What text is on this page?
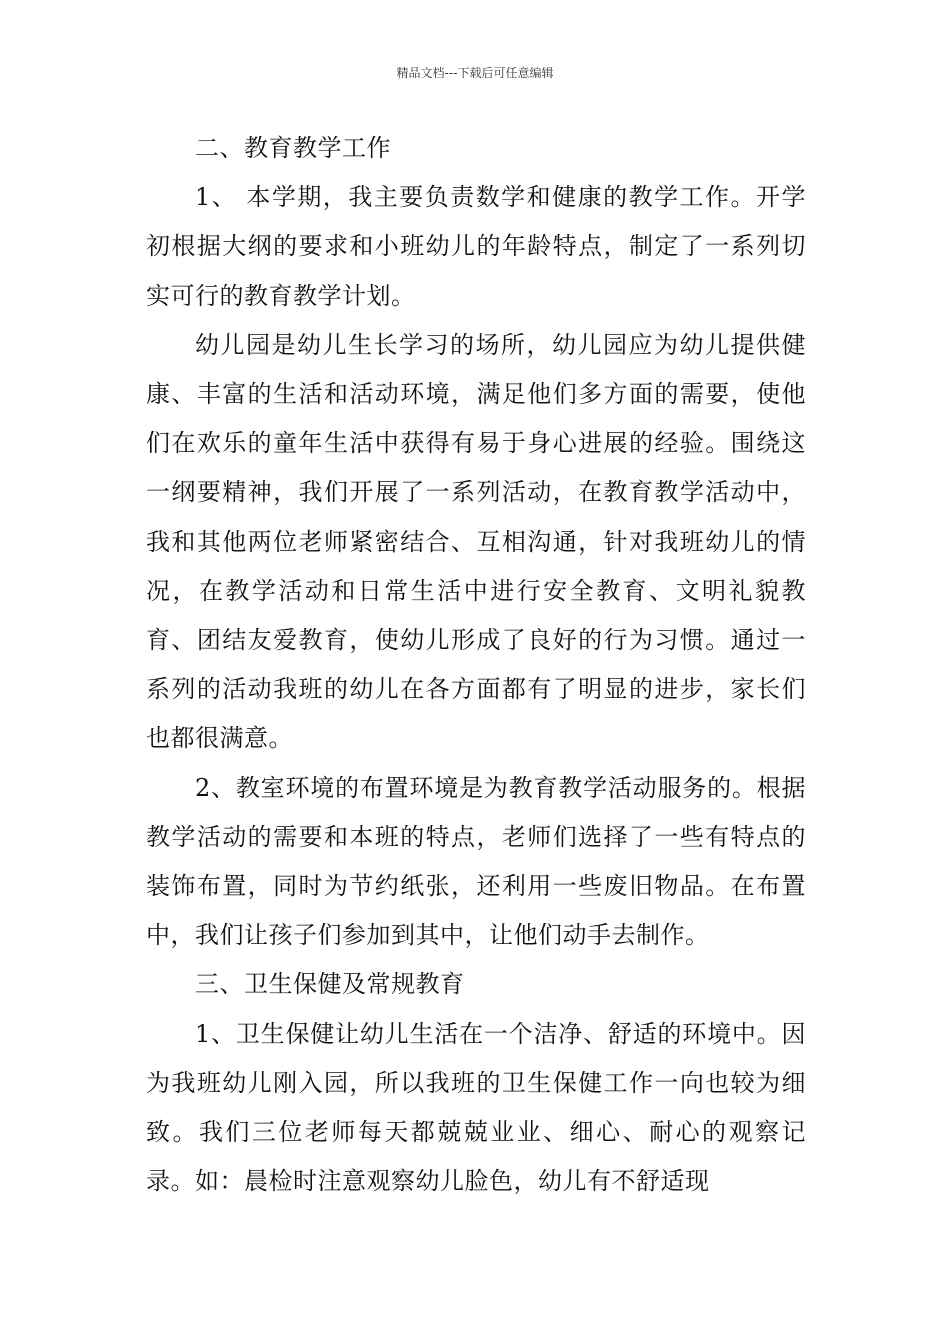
精品文档---下载后可任意编辑

二、教育教学工作

1、 本学期，我主要负责数学和健康的教学工作。开学初根据大纲的要求和小班幼儿的年龄特点，制定了一系列切实可行的教育教学计划。

幼儿园是幼儿生长学习的场所，幼儿园应为幼儿提供健康、丰富的生活和活动环境，满足他们多方面的需要，使他们在欢乐的童年生活中获得有易于身心进展的经验。围绕这一纲要精神，我们开展了一系列活动，在教育教学活动中，我和其他两位老师紧密结合、互相沟通，针对我班幼儿的情况，在教学活动和日常生活中进行安全教育、文明礼貌教育、团结友爱教育，使幼儿形成了良好的行为习惯。通过一系列的活动我班的幼儿在各方面都有了明显的进步，家长们也都很满意。

2、教室环境的布置环境是为教育教学活动服务的。根据教学活动的需要和本班的特点，老师们选择了一些有特点的装饰布置，同时为节约纸张，还利用一些废旧物品。在布置中，我们让孩子们参加到其中，让他们动手去制作。

三、卫生保健及常规教育

1、卫生保健让幼儿生活在一个洁净、舒适的环境中。因为我班幼儿刚入园，所以我班的卫生保健工作一向也较为细致。我们三位老师每天都兢兢业业、细心、耐心的观察记录。如：晨检时注意观察幼儿脸色，幼儿有不舒适现
